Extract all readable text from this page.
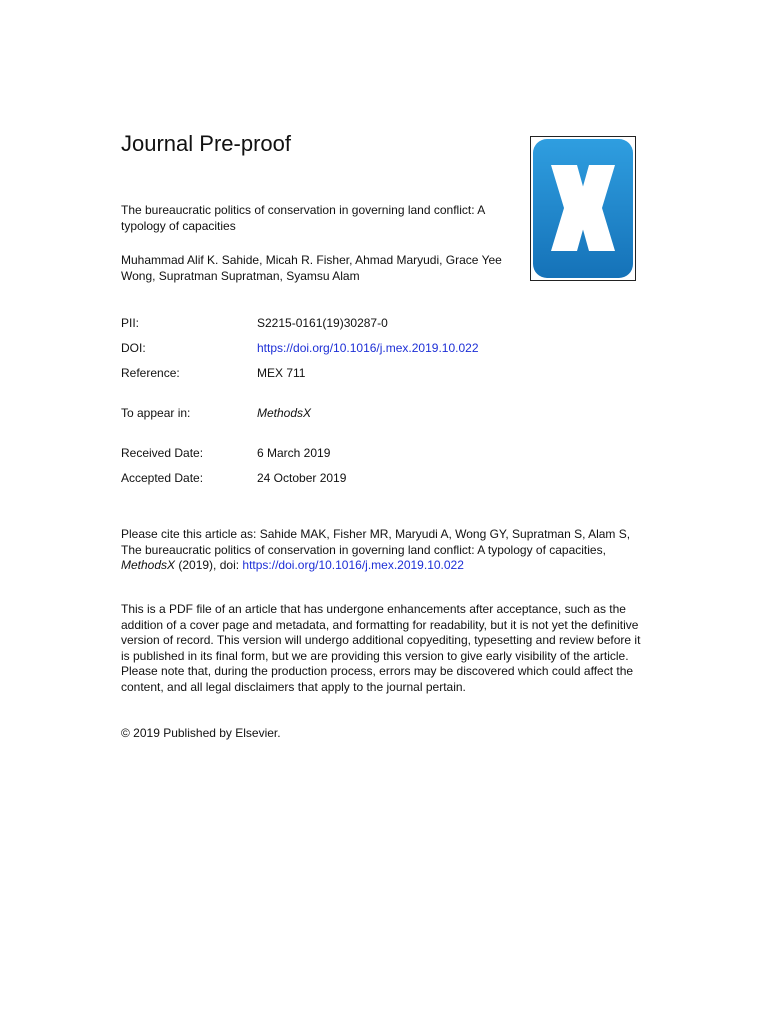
Journal Pre-proof
The bureaucratic politics of conservation in governing land conflict: A typology of capacities
Muhammad Alif K. Sahide, Micah R. Fisher, Ahmad Maryudi, Grace Yee Wong, Supratman Supratman, Syamsu Alam
PII:	S2215-0161(19)30287-0
DOI:	https://doi.org/10.1016/j.mex.2019.10.022
Reference:	MEX 711
To appear in:	MethodsX
Received Date:	6 March 2019
Accepted Date:	24 October 2019
Please cite this article as: Sahide MAK, Fisher MR, Maryudi A, Wong GY, Supratman S, Alam S, The bureaucratic politics of conservation in governing land conflict: A typology of capacities, MethodsX (2019), doi: https://doi.org/10.1016/j.mex.2019.10.022
This is a PDF file of an article that has undergone enhancements after acceptance, such as the addition of a cover page and metadata, and formatting for readability, but it is not yet the definitive version of record. This version will undergo additional copyediting, typesetting and review before it is published in its final form, but we are providing this version to give early visibility of the article. Please note that, during the production process, errors may be discovered which could affect the content, and all legal disclaimers that apply to the journal pertain.
© 2019 Published by Elsevier.
